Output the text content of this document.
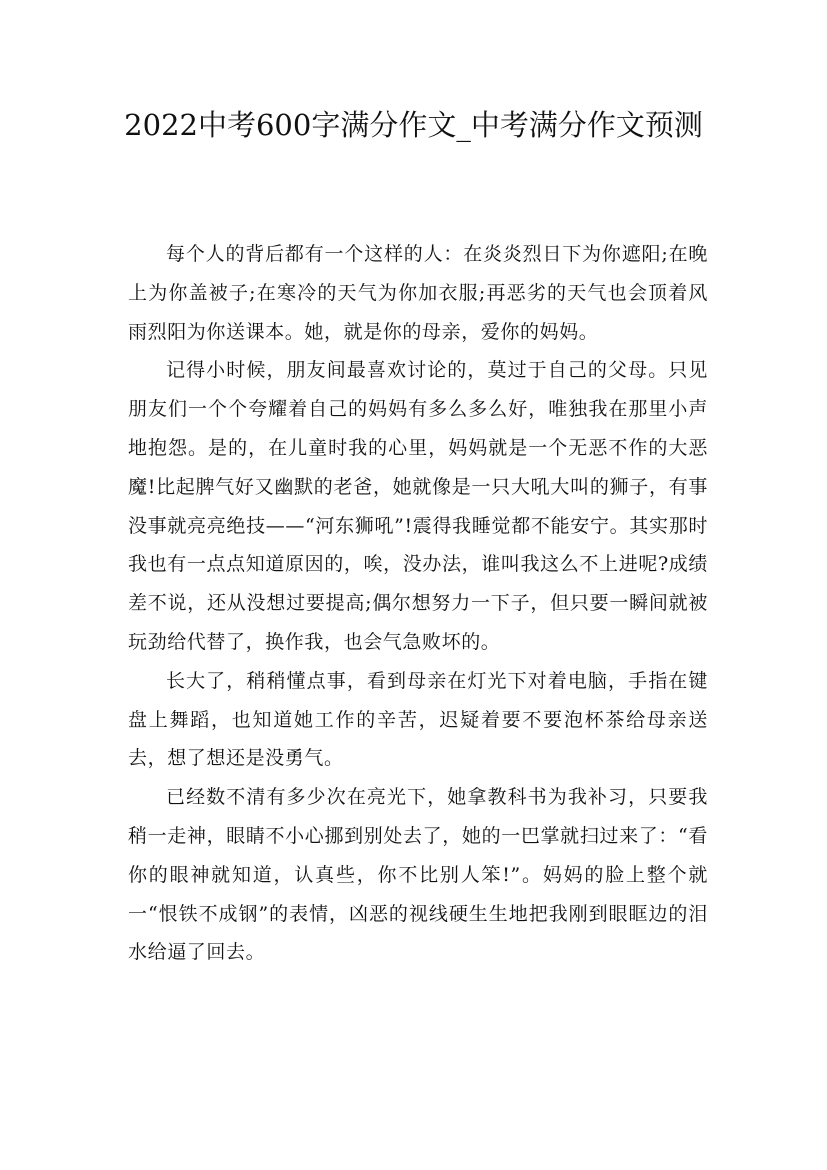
2022中考600字满分作文_中考满分作文预测

每个人的背后都有一个这样的人：在炎炎烈日下为你遮阳;在晚上为你盖被子;在寒冷的天气为你加衣服;再恶劣的天气也会顶着风雨烈阳为你送课本。她，就是你的母亲，爱你的妈妈。

记得小时候，朋友间最喜欢讨论的，莫过于自己的父母。只见朋友们一个个夸耀着自己的妈妈有多么多么好，唯独我在那里小声地抱怨。是的，在儿童时我的心里，妈妈就是一个无恶不作的大恶魔!比起脾气好又幽默的老爸，她就像是一只大吼大叫的狮子，有事没事就亮亮绝技——“河东狮吼”!震得我睡觉都不能安宁。其实那时我也有一点点知道原因的，唉，没办法，谁叫我这么不上进呢?成绩差不说，还从没想过要提高;偶尔想努力一下子，但只要一瞬间就被玩劲给代替了，换作我，也会气急败坏的。

长大了，稍稍懂点事，看到母亲在灯光下对着电脑，手指在键盘上舞蹈，也知道她工作的辛苦，迟疑着要不要泡杯茶给母亲送去，想了想还是没勇气。

已经数不清有多少次在亮光下，她拿教科书为我补习，只要我稍一走神，眼睛不小心挪到别处去了，她的一巴掌就扫过来了：“看你的眼神就知道，认真些，你不比别人笨!”。妈妈的脸上整个就一“恨铁不成钢”的表情，凶恶的视线硬生生地把我刚到眼眶边的泪水给逼了回去。
